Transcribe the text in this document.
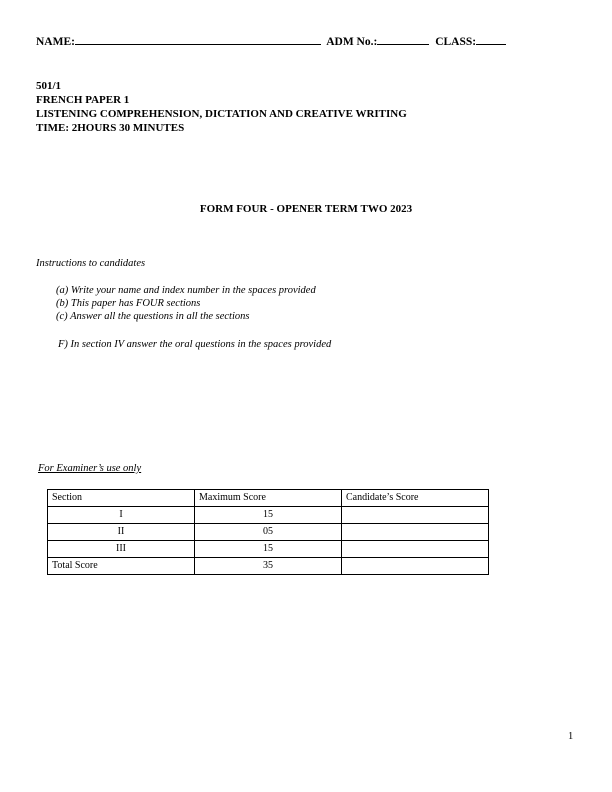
NAME:	ADM No.:	CLASS:
501/1
FRENCH PAPER 1
LISTENING COMPREHENSION, DICTATION AND CREATIVE WRITING
TIME: 2HOURS 30 MINUTES
FORM FOUR - OPENER TERM TWO 2023
Instructions to candidates
(a) Write your name and index number in the spaces provided
(b) This paper has FOUR sections
(c) Answer all the questions in all the sections
F) In section IV answer the oral questions in the spaces provided
For Examiner’s use only
Section	Maximum Score	Candidate’s Score
I	15	
II	05	
III	15	
Total Score	35	
1
